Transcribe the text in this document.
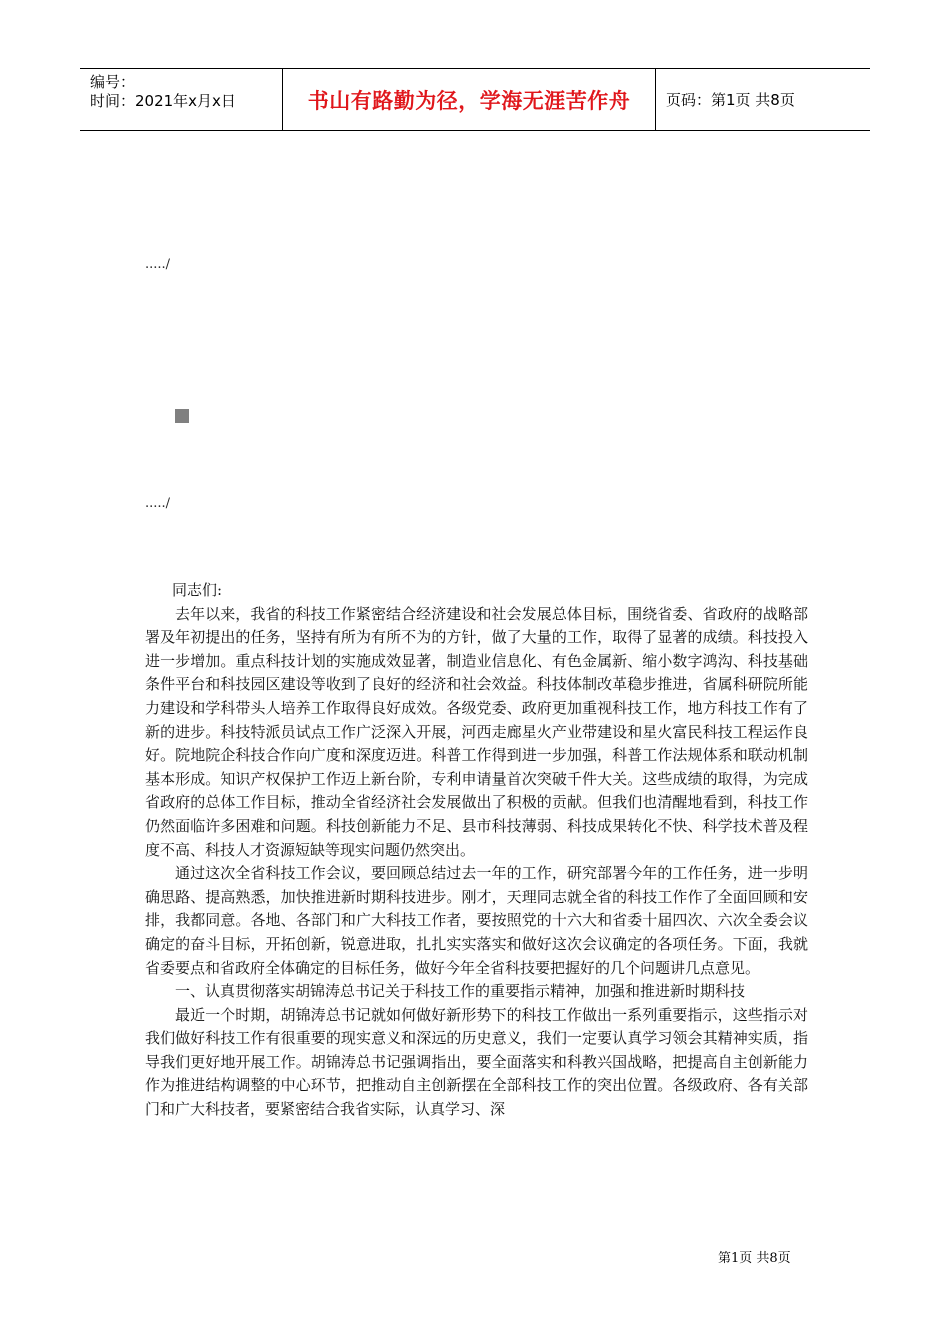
编号：
时间：2021年x月x日	书山有路勤为径，学海无涯苦作舟	页码：第1页 共8页
...../
...../

同志们:

去年以来，我省的科技工作紧密结合经济建设和社会发展总体目标，围绕省委、省政府的战略部署及年初提出的任务，坚持有所为有所不为的方针，做了大量的工作，取得了显著的成绩。科技投入进一步增加。重点科技计划的实施成效显著，制造业信息化、有色金属新、缩小数字鸿沟、科技基础条件平台和科技园区建设等收到了良好的经济和社会效益。科技体制改革稳步推进，省属科研院所能力建设和学科带头人培养工作取得良好成效。各级党委、政府更加重视科技工作，地方科技工作有了新的进步。科技特派员试点工作广泛深入开展，河西走廊星火产业带建设和星火富民科技工程运作良好。院地院企科技合作向广度和深度迈进。科普工作得到进一步加强，科普工作法规体系和联动机制基本形成。知识产权保护工作迈上新台阶，专利申请量首次突破千件大关。这些成绩的取得，为完成省政府的总体工作目标，推动全省经济社会发展做出了积极的贡献。但我们也清醒地看到，科技工作仍然面临许多困难和问题。科技创新能力不足、县市科技薄弱、科技成果转化不快、科学技术普及程度不高、科技人才资源短缺等现实问题仍然突出。

通过这次全省科技工作会议，要回顾总结过去一年的工作，研究部署今年的工作任务，进一步明确思路、提高熟悉，加快推进新时期科技进步。刚才，天理同志就全省的科技工作作了全面回顾和安排，我都同意。各地、各部门和广大科技工作者，要按照党的十六大和省委十届四次、六次全委会议确定的奋斗目标，开拓创新，锐意进取，扎扎实实落实和做好这次会议确定的各项任务。下面，我就省委要点和省政府全体确定的目标任务，做好今年全省科技要把握好的几个问题讲几点意见。

一、认真贯彻落实胡锦涛总书记关于科技工作的重要指示精神，加强和推进新时期科技

最近一个时期，胡锦涛总书记就如何做好新形势下的科技工作做出一系列重要指示，这些指示对我们做好科技工作有很重要的现实意义和深远的历史意义，我们一定要认真学习领会其精神实质，指导我们更好地开展工作。胡锦涛总书记强调指出，要全面落实和科教兴国战略，把提高自主创新能力作为推进结构调整的中心环节，把推动自主创新摆在全部科技工作的突出位置。各级政府、各有关部门和广大科技者，要紧密结合我省实际，认真学习、深

第1页 共8页
